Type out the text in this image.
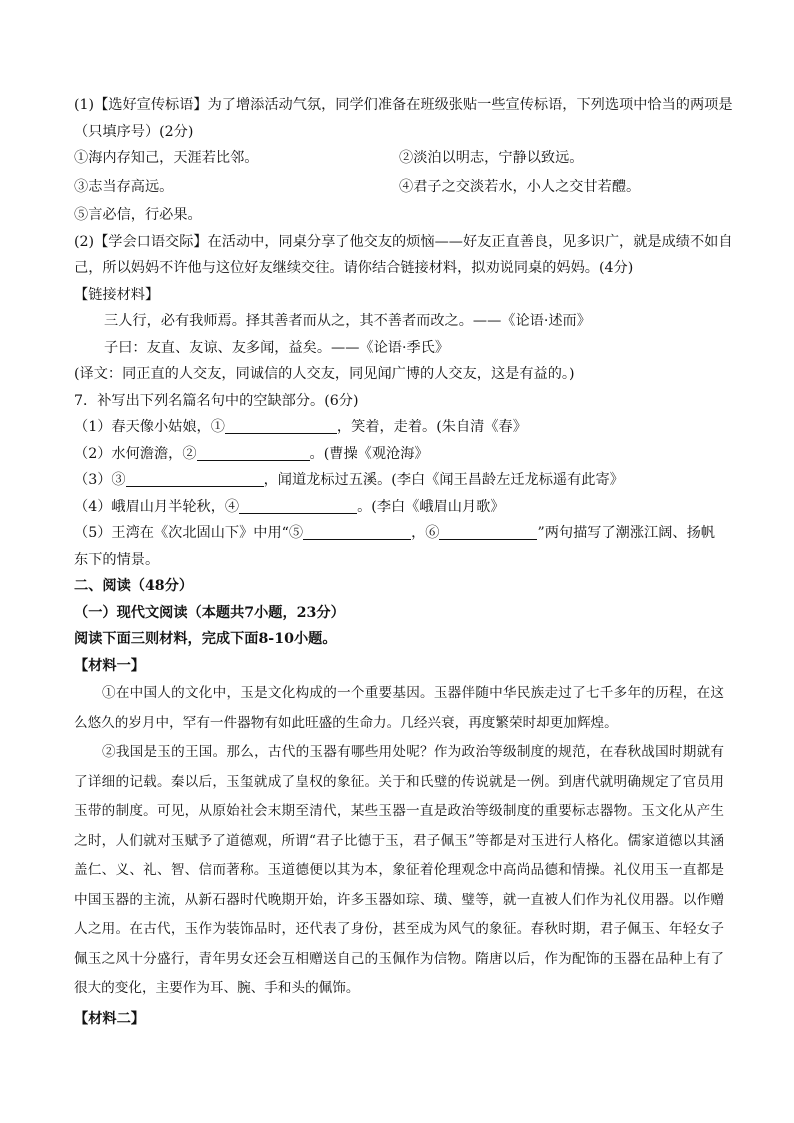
(1)【选好宣传标语】为了增添活动气氛，同学们准备在班级张贴一些宣传标语，下列选项中恰当的两项是
（只填序号）(2分)
①海内存知己，天涯若比邻。	②淡泊以明志，宁静以致远。
③志当存高远。	④君子之交淡若水，小人之交甘若醴。
⑤言必信，行必果。
(2)【学会口语交际】在活动中，同桌分享了他交友的烦恼——好友正直善良，见多识广，就是成绩不如自
己，所以妈妈不许他与这位好友继续交往。请你结合链接材料，拟劝说同桌的妈妈。(4分)
【链接材料】
三人行，必有我师焉。择其善者而从之，其不善者而改之。——《论语·述而》
子曰：友直、友谅、友多闻，益矣。——《论语·季氏》
(译文：同正直的人交友，同诚信的人交友，同见闻广博的人交友，这是有益的。)
7．补写出下列名篇名句中的空缺部分。(6分)
（1）春天像小姑娘，①	，笑着，走着。(朱自清《春》
（2）水何澹澹，②	。(曹操《观沧海》
（3）③	，闻道龙标过五溪。(李白《闻王昌龄左迁龙标遥有此寄》
（4）峨眉山月半轮秋，④	。(李白《峨眉山月歌》
（5）王湾在《次北固山下》中用“⑤	，⑥	”两句描写了潮涨江阔、扬帆
东下的情景。
二、阅读（48分）
（一）现代文阅读（本题共7小题，23分）
阅读下面三则材料，完成下面8-10小题。
【材料一】

①在中国人的文化中，玉是文化构成的一个重要基因。玉器伴随中华民族走过了七千多年的历程，在这么悠久的岁月中，罕有一件器物有如此旺盛的生命力。几经兴衰，再度繁荣时却更加辉煌。

②我国是玉的王国。那么，古代的玉器有哪些用处呢？作为政治等级制度的规范，在春秋战国时期就有了详细的记载。秦以后，玉玺就成了皇权的象征。关于和氏璧的传说就是一例。到唐代就明确规定了官员用玉带的制度。可见，从原始社会末期至清代，某些玉器一直是政治等级制度的重要标志器物。玉文化从产生之时，人们就对玉赋予了道德观，所谓“君子比德于玉，君子佩玉”等都是对玉进行人格化。儒家道德以其涵盖仁、义、礼、智、信而著称。玉道德便以其为本，象征着伦理观念中高尚品德和情操。礼仪用玉一直都是中国玉器的主流，从新石器时代晚期开始，许多玉器如琮、璜、璧等，就一直被人们作为礼仪用器。以作赠人之用。在古代，玉作为装饰品时，还代表了身份，甚至成为风气的象征。春秋时期，君子佩玉、年轻女子佩玉之风十分盛行，青年男女还会互相赠送自己的玉佩作为信物。隋唐以后，作为配饰的玉器在品种上有了很大的变化，主要作为耳、腕、手和头的佩饰。

【材料二】
